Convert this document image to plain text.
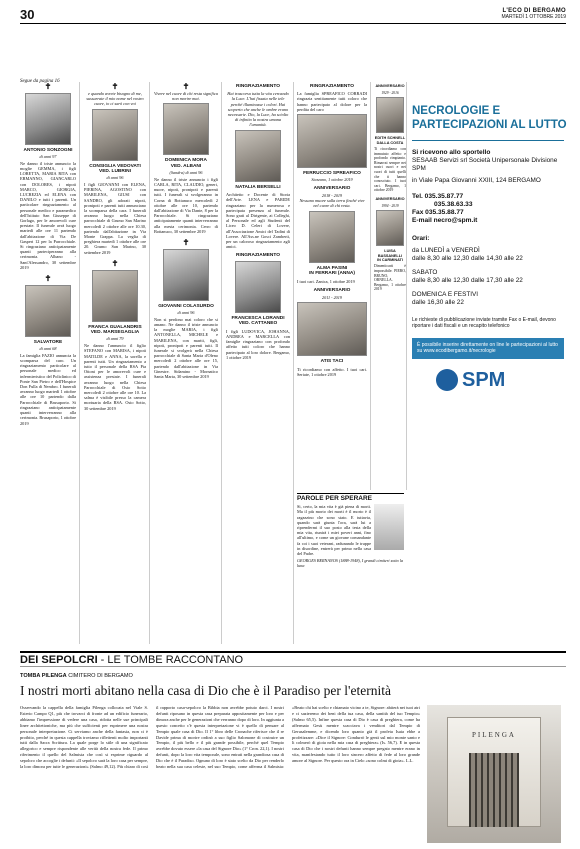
30	L'ECO DI BERGAMO
MARTEDÌ 1 OTTOBRE 2019
Segue da pagina 16
✝
ANTONIO SONZOGNI
di anni 97
Ne danno il triste annuncio la moglie GEMMA, i figli LORETTA, MARIA RITA con ERMANNO, GIANCARLO con DOLORES, i nipoti MARCO, GIORGIA, LUCREZIA ed ELENA con DANILO e tutti i parenti. Un particolare ringraziamento al personale medico e paramedico dell'Istituto San Giuseppe di Gorlago, per le amorevoli cure prestate. Il funerale avrà luogo martedì alle ore 11 partendo dall'abitazione di Via De Gasperi 12 per la Parrocchiale. Si ringraziano anticipatamente quanti parteciperanno alla cerimonia. Albano - Sant'Alessandro, 30 settembre 2019
✝
SALVATORE
di anni 68
La famiglia FAZIO annuncia la scomparsa del caro. Un ringraziamento particolare al personale medico ed infermieristico del Policlinico di Ponte San Pietro e dell'Hospice Don Fulla di Nembro. I funerali avranno luogo martedì 1 ottobre alle ore 10 partendo dalla Parrocchiale di Brusaporto. Si ringraziano anticipatamente quanti interverranno alla cerimonia. Brusaporto, 1 ottobre 2019
✝
e quando avrete bisogno di me, sussurrate il mio nome nel vostro cuore, io ci sarò con voi
CONSIGLIA VEDOVATI
VED. LUBRINI
di anni 96
I figli GIOVANNI con ELENA, PIERINA, AGOSTINO con MARILENA, GIUSI con SANDRO, gli adorati nipoti, pronipoti e parenti tutti annunciano la scomparsa della cara. I funerali avranno luogo nella Chiesa parrocchiale di Grumo San Marino mercoledì 2 ottobre alle ore 10.30, partendo dall'abitazione in Via Monte Grappa. La veglia di preghiera martedì 1 ottobre alle ore 20. Grumo San Marino, 30 settembre 2019
✝
FRANCA GUALANDRIS
VED. MARSEGAGLIA
di anni 79
Ne danno l'annuncio il figlio STEFANO con MARISA, i nipoti MATILDE e ANNA, la sorella e parenti tutti. Un ringraziamento a tutto il personale della RSA Pia Ottoni per le amorevoli cure e assistenza prestate. I funerali avranno luogo nella Chiesa Parrocchiale di Osio Sotto mercoledì 2 ottobre alle ore 10. La salma è visibile presso la camera mortuaria della RSA. Osio Sotto, 30 settembre 2019
✝
Vivere nel cuore di chi resta significa non morire mai.
DOMENICA MORA
VED. ALBANI
(Sandra) di anni 96
Ne danno il triste annuncio i figli CARLA, RITA, CLAUDIO, generi, nuore, nipoti, pronipoti e parenti tutti. I funerali si svolgeranno in Corna di Bottanuco mercoledì 2 ottobre alle ore 10, partendo dall'abitazione di Via Dante, 8 per la Parrocchiale. Si ringraziano anticipatamente quanti interverranno alla mesta cerimonia. Cerro di Bottanuco, 30 settembre 2019
✝
GIOVANNI COLASURDO
di anni 96
Non si perdono mai coloro che si amano. Ne danno il triste annuncio la moglie MARIA, i figli ANTONELLA, MICHELE e MARILENA, con mariti, figli, nipoti, pronipoti e parenti tutti. Il funerale si svolgerà nella Chiesa parrocchiale di Santa Maria d'Oleno mercoledì 2 ottobre alle ore 15, partendo dall'abitazione in Via Ginestre. Sidamino - Mornatico Santa Marta, 30 settembre 2019
RINGRAZIAMENTO
Hai trascorso tutta la vita cercando la Luce. L'hai fissata nelle tele perché illuminasse i colori. Hai scoperto che anche le ombre erano necessarie. Dio, la Luce, ha sciolto di infinito la nostra umana l'umanità.
NATALIA BERSELLI
Architetto e Docente di Storia dell'Arte. LENA e PARIDE ringraziano per la numerosa e partecipata presenza al funerale. Sono grati al Dirigente, ai Colleghi, al Personale ed agli Studenti del Liceo D. Celeri di Lovere, all'Associazione Amici del Tadini di Lovere. All'Ass.ne Gosci Zamberti, per un caloroso ringraziamento agli amici.
RINGRAZIAMENTO
FRANCESCA LORANDI
VED. CATTANEO
I figli LUDOVICA, JOHANNA, ANDREA e MARCELLA con famiglie ringraziano con profondo affetto tutti coloro che hanno partecipato al loro dolore. Bergamo, 1 ottobre 2019
RINGRAZIAMENTO
La famiglia SPREAFICO CORRADI ringrazia sentitamente tutti coloro che hanno partecipato al dolore per la perdita del caro
FERRUCCIO SPREAFICO
Stezzano, 1 ottobre 2019
ANNIVERSARIO
2018 - 2019
Nessuno muore sulla terra finché vive nel cuore di chi resta.
ALMA PASINI
IN FERRARI (ANNA)
I tuoi cari. Zanica, 1 ottobre 2019
ANNIVERSARIO
2011 - 2019
ATIS TACI
Ti ricordiamo con affetto. I tuoi cari. Seriate, 1 ottobre 2019
ANNIVERSARIO
1929 - 2016
EDITH SCHNELL
DALLA COSTA
Ti ricordiamo con immutato affetto e profondo rimpianto. Rimarrai sempre nei nostri cuori e nei cuori di tutti quelli che ti hanno conosciuto. I tuoi cari. Bergamo, 1 ottobre 2019
ANNIVERSARIO
1994 - 2019
LUISA BASSANELLI
IN CARMINATI
Dimenticarti è impossibile. PIERO, BRUNO, ORNELLA. Bergamo, 1 ottobre 2019
PAROLE PER SPERARE
Sì, certo, la mia vita è già piena di morti. Ma il più morto dei morti è il morto è il ragazzino che sono stato. E tuttavia, quando sarà giunta l'ora, sarà lui a riprendermi il suo posto alla testa della mia vita, riunirà i miei poveri anni, fino all'ultimo, e come un giovane comandante fa coi i suoi veterani, radunando le truppe in disordine, entrerà per primo nella casa del Padre.
GEORGES BERNANOS (1888-1948), I grandi cimiteri sotto la luna
NECROLOGIE E PARTECIPAZIONI AL LUTTO
Si ricevono allo sportello
SESAAB Servizi srl Società Unipersonale Divisione SPM
in Viale Papa Giovanni XXIII, 124 BERGAMO
Tel. 035.35.87.77
035.38.63.33
Fax 035.35.88.77
E-mail necro@spm.it
Orari:
da LUNEDÌ a VENERDÌ
dalle 8,30 alle 12,30 dalle 14,30 alle 22
SABATO
dalle 8,30 alle 12,30 dalle 17,30 alle 22
DOMENICA E FESTIVI
dalle 16,30 alle 22
Le richieste di pubblicazione inviate tramite Fax o E-mail, devono riportare i dati fiscali e un recapito telefonico
È possibile inserire direttamente on line le partecipazioni al lutto su www.ecodibergamo.it/necrologie
SPM
DEI SEPOLCRI - LE TOMBE RACCONTANO
TOMBA PILENGA CIMITERO DI BERGAMO
I nostri morti abitano nella casa di Dio che è il Paradiso per l'eternità
Osservando la cappella della famiglia Pilenga collocata nel Viale S. Esterio Campo Q1, più che trovarci di fronte ad un edificio funerario, abbiamo l'impressione di vedere una casa, ridotta nelle sue principali linee architettoniche, ma più che sufficienti per esprimere una nostra personale interpretazione. Ci serviamo anche della fantasia, non ci è proibito, perché in questa cappella troviamo riflettenti molto importanti tutti dalla Sacra Scrittura. La quale porge lo stile di una significato allegorico e sempre rispondente alle verità della nostra fede. Il primo riferimento il quello del Salmista che così si esprime riguardo al sepolcro che accoglie i defunti: «Il sepolcro sarà la loro casa per sempre, la loro dimora per tutte le generazioni» (Salmo 49,12). Più chiaro di così il rapporto casa-sepolcro la Bibbia non avrebbe potuto darci. I nostri defunti riposano in questa casa preparata appositamente per loro e per dimora anche per le generazioni che verranno dopo di loro. In aggiunta a questo concetto c'è questa interpretazione vi è quello di pensare al Tempio quale casa di Dio. Il 1° libro delle Cronache riferisce che il re Davide prima di morire ordinò a suo figlio Salomone di costruire un Tempio, il più bello e il più grande possibile, perché quel Tempio avrebbe dovuto essere «la casa del Signore Dio» (1° Cron. 22,1). I nostri defunti, dopo la loro vita temporale, sono entrati nella grandiosa casa di Dio che è il Paradiso. Ognuno di loro è stato scelto da Dio per renderlo beato nella sua casa celeste, nel suo Tempio, come afferma il Salmista: «Beato chi hai scelto e chiamato vicino a te, Signore: abiterà nei tuoi atri e ci sazieremo dei beni della tua casa, della santità del tuo Tempio» (Salmo 65,5). Infine questa casa di Dio è casa di preghiera, come ha affermato Gesù mentre scacciava i venditori dal Tempio di Gerusalemme, e dicendo loro quanto già il profeta Isaia ebbe a profetizzare: «Dice il Signore: Condurrò le genti sul mio monte santo e li colmerò di gioia nella mia casa di preghiera» (Is. 56,7). E in questa casa di Dio che i nostri defunti hanno sempre pregato mentre erano in vita, manifestando tutto il loro sincero affetto di fede al loro grande amore al Signore. Per questo ora in Cielo «sono colmi di gioia». L.L.
PILENGA
